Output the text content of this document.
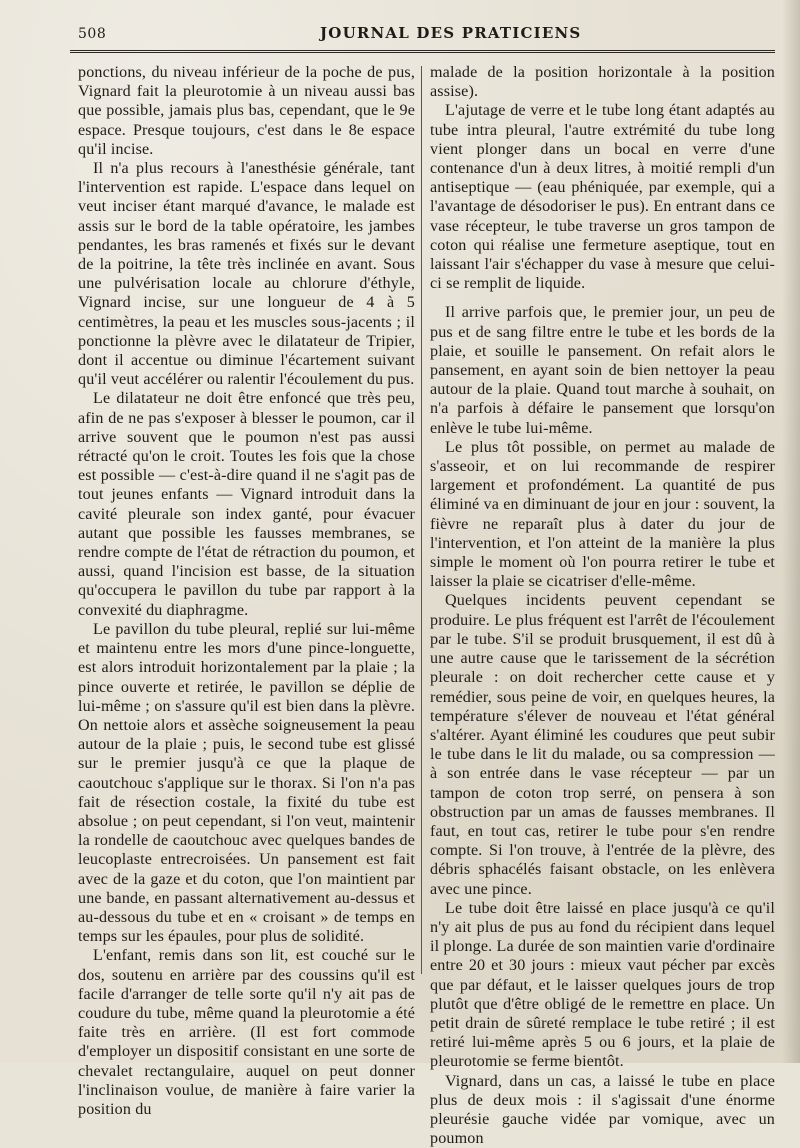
508	JOURNAL DES PRATICIENS

ponctions, du niveau inférieur de la poche de pus, Vignard fait la pleurotomie à un niveau aussi bas que possible, jamais plus bas, cependant, que le 9e espace. Presque toujours, c'est dans le 8e espace qu'il incise.

Il n'a plus recours à l'anesthésie générale, tant l'intervention est rapide. L'espace dans lequel on veut inciser étant marqué d'avance, le malade est assis sur le bord de la table opératoire, les jambes pendantes, les bras ramenés et fixés sur le devant de la poitrine, la tête très inclinée en avant. Sous une pulvérisation locale au chlorure d'éthyle, Vignard incise, sur une longueur de 4 à 5 centimètres, la peau et les muscles sous-jacents ; il ponctionne la plèvre avec le dilatateur de Tripier, dont il accentue ou diminue l'écartement suivant qu'il veut accélérer ou ralentir l'écoulement du pus.

Le dilatateur ne doit être enfoncé que très peu, afin de ne pas s'exposer à blesser le poumon, car il arrive souvent que le poumon n'est pas aussi rétracté qu'on le croit. Toutes les fois que la chose est possible — c'est-à-dire quand il ne s'agit pas de tout jeunes enfants — Vignard introduit dans la cavité pleurale son index ganté, pour évacuer autant que possible les fausses membranes, se rendre compte de l'état de rétraction du poumon, et aussi, quand l'incision est basse, de la situation qu'occupera le pavillon du tube par rapport à la convexité du diaphragme.

Le pavillon du tube pleural, replié sur lui-même et maintenu entre les mors d'une pince-longuette, est alors introduit horizontalement par la plaie ; la pince ouverte et retirée, le pavillon se déplie de lui-même ; on s'assure qu'il est bien dans la plèvre. On nettoie alors et assèche soigneusement la peau autour de la plaie ; puis, le second tube est glissé sur le premier jusqu'à ce que la plaque de caoutchouc s'applique sur le thorax. Si l'on n'a pas fait de résection costale, la fixité du tube est absolue ; on peut cependant, si l'on veut, maintenir la rondelle de caoutchouc avec quelques bandes de leucoplaste entrecroisées. Un pansement est fait avec de la gaze et du coton, que l'on maintient par une bande, en passant alternativement au-dessus et au-dessous du tube et en « croisant » de temps en temps sur les épaules, pour plus de solidité.

L'enfant, remis dans son lit, est couché sur le dos, soutenu en arrière par des coussins qu'il est facile d'arranger de telle sorte qu'il n'y ait pas de coudure du tube, même quand la pleurotomie a été faite très en arrière. (Il est fort commode d'employer un dispositif consistant en une sorte de chevalet rectangulaire, auquel on peut donner l'inclinaison voulue, de manière à faire varier la position du

malade de la position horizontale à la position assise).

L'ajutage de verre et le tube long étant adaptés au tube intra pleural, l'autre extrémité du tube long vient plonger dans un bocal en verre d'une contenance d'un à deux litres, à moitié rempli d'un antiseptique — (eau phéniquée, par exemple, qui a l'avantage de désodoriser le pus). En entrant dans ce vase récepteur, le tube traverse un gros tampon de coton qui réalise une fermeture aseptique, tout en laissant l'air s'échapper du vase à mesure que celui-ci se remplit de liquide.

Il arrive parfois que, le premier jour, un peu de pus et de sang filtre entre le tube et les bords de la plaie, et souille le pansement. On refait alors le pansement, en ayant soin de bien nettoyer la peau autour de la plaie. Quand tout marche à souhait, on n'a parfois à défaire le pansement que lorsqu'on enlève le tube lui-même.

Le plus tôt possible, on permet au malade de s'asseoir, et on lui recommande de respirer largement et profondément. La quantité de pus éliminé va en diminuant de jour en jour : souvent, la fièvre ne reparaît plus à dater du jour de l'intervention, et l'on atteint de la manière la plus simple le moment où l'on pourra retirer le tube et laisser la plaie se cicatriser d'elle-même.

Quelques incidents peuvent cependant se produire. Le plus fréquent est l'arrêt de l'écoulement par le tube. S'il se produit brusquement, il est dû à une autre cause que le tarissement de la sécrétion pleurale : on doit rechercher cette cause et y remédier, sous peine de voir, en quelques heures, la température s'élever de nouveau et l'état général s'altérer. Ayant éliminé les coudures que peut subir le tube dans le lit du malade, ou sa compression — à son entrée dans le vase récepteur — par un tampon de coton trop serré, on pensera à son obstruction par un amas de fausses membranes. Il faut, en tout cas, retirer le tube pour s'en rendre compte. Si l'on trouve, à l'entrée de la plèvre, des débris sphacélés faisant obstacle, on les enlèvera avec une pince.

Le tube doit être laissé en place jusqu'à ce qu'il n'y ait plus de pus au fond du récipient dans lequel il plonge. La durée de son maintien varie d'ordinaire entre 20 et 30 jours : mieux vaut pécher par excès que par défaut, et le laisser quelques jours de trop plutôt que d'être obligé de le remettre en place. Un petit drain de sûreté remplace le tube retiré ; il est retiré lui-même après 5 ou 6 jours, et la plaie de pleurotomie se ferme bientôt.

Vignard, dans un cas, a laissé le tube en place plus de deux mois : il s'agissait d'une énorme pleurésie gauche vidée par vomique, avec un poumon
